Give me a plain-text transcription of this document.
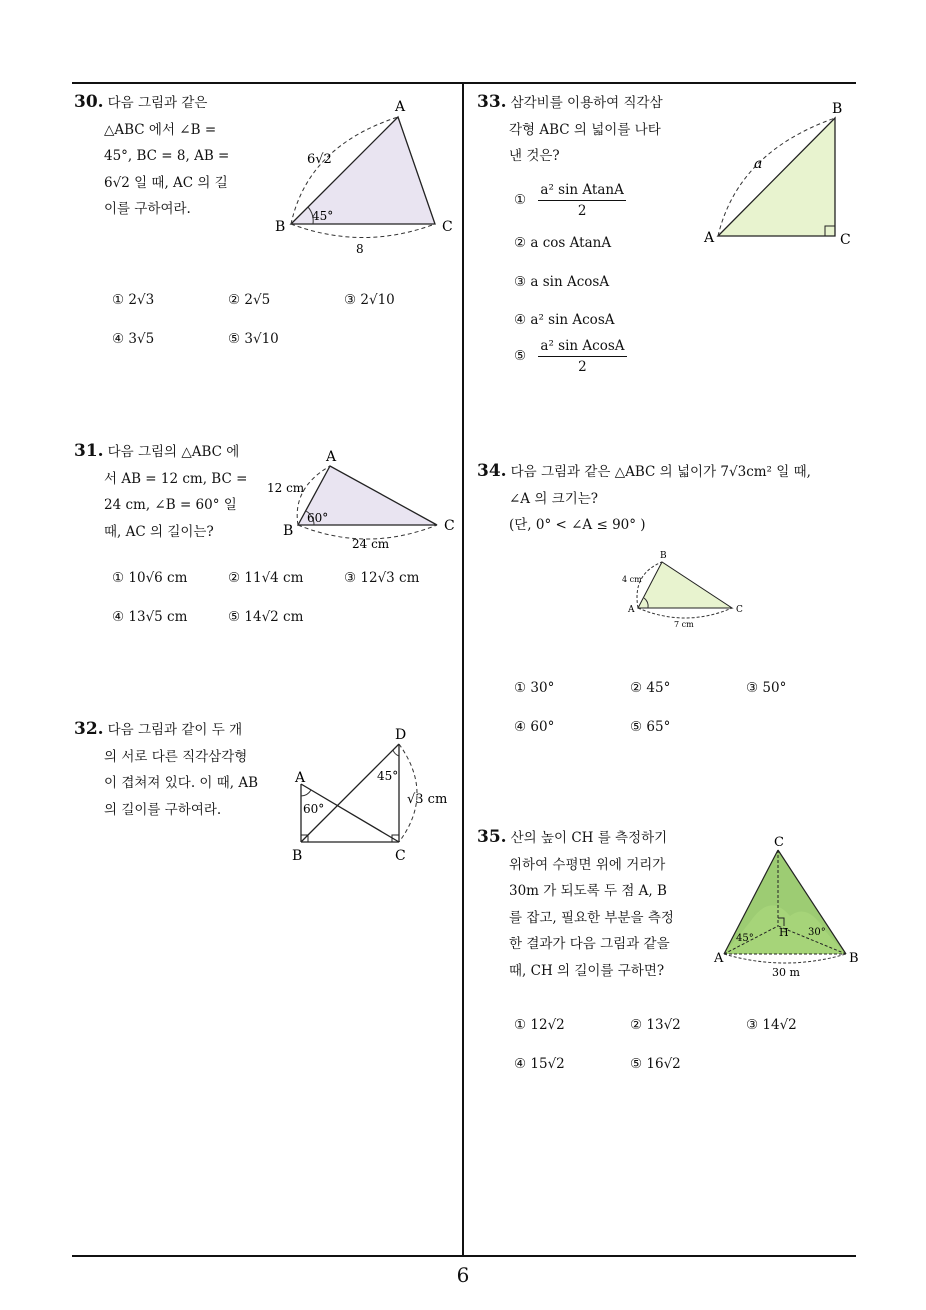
6
30. 다음 그림과 같은
△ABC 에서 ∠B =
45°, BC = 8, AB =
6√2 일 때, AC 의 길
이를 구하여라.
A
B	C
6√2
45°
8
① 2√3	② 2√5	③ 2√10
④ 3√5	⑤ 3√10
31. 다음 그림의 △ABC 에
서 AB = 12 cm, BC =
24 cm, ∠B = 60° 일
때, AC 의 길이는?
A
B	C
12 cm
60°
24 cm
① 10√6 cm	② 11√4 cm	③ 12√3 cm
④ 13√5 cm	⑤ 14√2 cm
32. 다음 그림과 같이 두 개
의 서로 다른 직각삼각형
이 겹쳐져 있다. 이 때, AB
의 길이를 구하여라.
D
A
B	C
45°
60°
√3 cm
33. 삼각비를 이용하여 직각삼
각형 ABC 의 넓이를 나타
낸 것은?
B
A	C
a
① $\frac{\text{a² sin AtanA}}{2}$
② a cos AtanA
③ a sin AcosA
④ a² sin AcosA
⑤ $\frac{\text{a² sin AcosA}}{2}$
34. 다음 그림과 같은 △ABC 의 넓이가 7√3cm² 일 때,
∠A 의 크기는?
(단, 0° < ∠A ≤ 90° )
B
A	C
4 cm
7 cm
① 30°	② 45°	③ 50°
④ 60°	⑤ 65°
35. 산의 높이 CH 를 측정하기
위하여 수평면 위에 거리가
30m 가 되도록 두 점 A, B
를 잡고, 필요한 부분을 측정
한 결과가 다음 그림과 같을
때, CH 의 길이를 구하면?
C
A	B
H
45°
30°
30 m
① 12√2	② 13√2	③ 14√2
④ 15√2	⑤ 16√2
